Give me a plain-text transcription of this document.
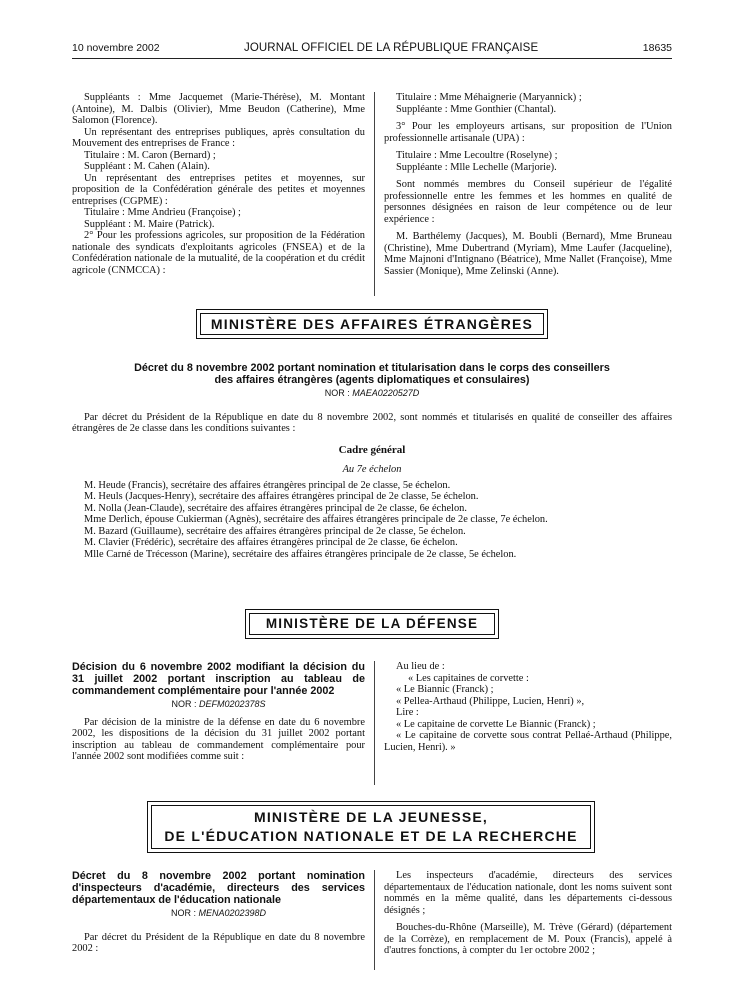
10 novembre 2002	JOURNAL OFFICIEL DE LA RÉPUBLIQUE FRANÇAISE	18635

Suppléants : Mme Jacquemet (Marie-Thérèse), M. Montant (Antoine), M. Dalbis (Olivier), Mme Beudon (Catherine), Mme Salomon (Florence).

Un représentant des entreprises publiques, après consultation du Mouvement des entreprises de France :

Titulaire : M. Caron (Bernard) ;

Suppléant : M. Cahen (Alain).

Un représentant des entreprises petites et moyennes, sur proposition de la Confédération générale des petites et moyennes entreprises (CGPME) :

Titulaire : Mme Andrieu (Françoise) ;

Suppléant : M. Maire (Patrick).

2° Pour les professions agricoles, sur proposition de la Fédération nationale des syndicats d'exploitants agricoles (FNSEA) et de la Confédération nationale de la mutualité, de la coopération et du crédit agricole (CNMCCA) :

Titulaire : Mme Méhaignerie (Maryannick) ;

Suppléante : Mme Gonthier (Chantal).

3° Pour les employeurs artisans, sur proposition de l'Union professionnelle artisanale (UPA) :

Titulaire : Mme Lecoultre (Roselyne) ;

Suppléante : Mlle Lechelle (Marjorie).

Sont nommés membres du Conseil supérieur de l'égalité professionnelle entre les femmes et les hommes en qualité de personnes désignées en raison de leur compétence ou de leur expérience :

M. Barthélemy (Jacques), M. Boubli (Bernard), Mme Bruneau (Christine), Mme Dubertrand (Myriam), Mme Laufer (Jacqueline), Mme Majnoni d'Intignano (Béatrice), Mme Nallet (Françoise), Mme Sassier (Monique), Mme Zelinski (Anne).

MINISTÈRE DES AFFAIRES ÉTRANGÈRES
Décret du 8 novembre 2002 portant nomination et titularisation dans le corps des conseillers
des affaires étrangères (agents diplomatiques et consulaires)
NOR : MAEA0220527D

Par décret du Président de la République en date du 8 novembre 2002, sont nommés et titularisés en qualité de conseiller des affaires étrangères de 2e classe dans les conditions suivantes :

Cadre général

Au 7e échelon

M. Heude (Francis), secrétaire des affaires étrangères principal de 2e classe, 5e échelon.

M. Heuls (Jacques-Henry), secrétaire des affaires étrangères principal de 2e classe, 5e échelon.

M. Nolla (Jean-Claude), secrétaire des affaires étrangères principal de 2e classe, 6e échelon.

Mme Derlich, épouse Cukierman (Agnès), secrétaire des affaires étrangères principale de 2e classe, 7e échelon.

M. Bazard (Guillaume), secrétaire des affaires étrangères principal de 2e classe, 5e échelon.

M. Clavier (Frédéric), secrétaire des affaires étrangères principal de 2e classe, 6e échelon.

Mlle Carné de Trécesson (Marine), secrétaire des affaires étrangères principale de 2e classe, 5e échelon.

MINISTÈRE DE LA DÉFENSE

Décision du 6 novembre 2002 modifiant la décision du 31 juillet 2002 portant inscription au tableau de commandement complémentaire pour l'année 2002

NOR : DEFM0202378S

Par décision de la ministre de la défense en date du 6 novembre 2002, les dispositions de la décision du 31 juillet 2002 portant inscription au tableau de commandement complémentaire pour l'année 2002 sont modifiées comme suit :

Au lieu de :

« Les capitaines de corvette :

« Le Biannic (Franck) ;

« Pellea-Arthaud (Philippe, Lucien, Henri) »,

Lire :

« Le capitaine de corvette Le Biannic (Franck) ;

« Le capitaine de corvette sous contrat Pellaé-Arthaud (Philippe, Lucien, Henri). »

MINISTÈRE DE LA JEUNESSE,
DE L'ÉDUCATION NATIONALE ET DE LA RECHERCHE

Décret du 8 novembre 2002 portant nomination d'inspecteurs d'académie, directeurs des services départementaux de l'éducation nationale

NOR : MENA0202398D

Par décret du Président de la République en date du 8 novembre 2002 :

Les inspecteurs d'académie, directeurs des services départementaux de l'éducation nationale, dont les noms suivent sont nommés en la même qualité, dans les départements ci-dessous désignés ;

Bouches-du-Rhône (Marseille), M. Trève (Gérard) (département de la Corrèze), en remplacement de M. Poux (Francis), appelé à d'autres fonctions, à compter du 1er octobre 2002 ;
